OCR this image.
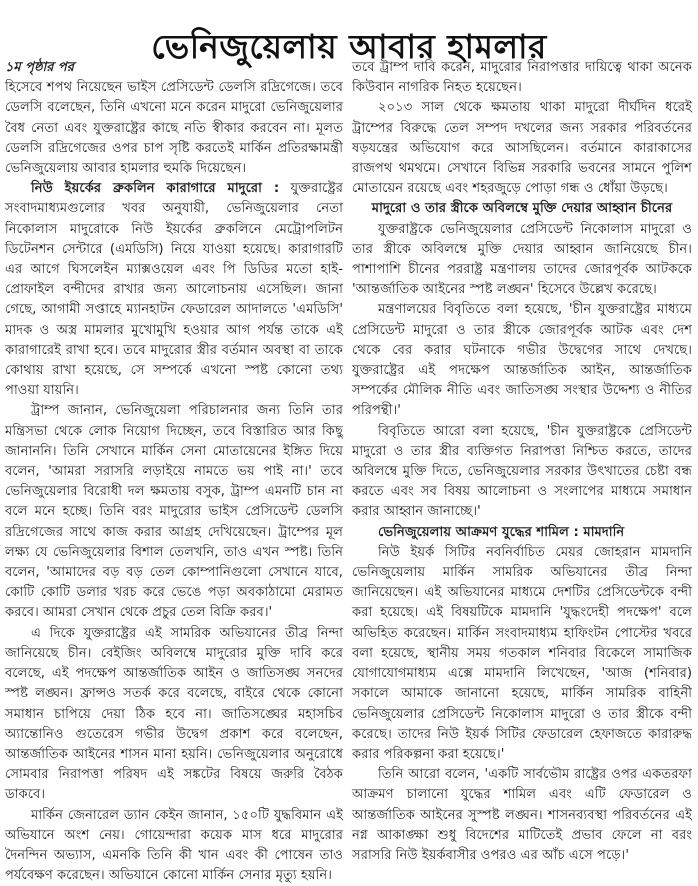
ভেনিজুয়েলায় আবার হামলার
১ম পৃষ্ঠার পর

হিসেবে শপথ নিয়েছেন ভাইস প্রেসিডেন্ট ডেলসি রদ্রিগেজে। তবে ডেলসি বলেছেন, তিনি এখনো মনে করেন মাদুরো ভেনিজুয়েলার বৈধ নেতা এবং যুক্তরাষ্ট্রের কাছে নতি স্বীকার করবেন না। মূলত ডেলসি রদ্রিগেজের ওপর চাপ সৃষ্টি করতেই মার্কিন প্রতিরক্ষামন্ত্রী ভেনিজুয়েলায় আবার হামলার হুমকি দিয়েছেন।

নিউ ইয়র্কের ব্রুকলিন কারাগারে মাদুরো : যুক্তরাষ্ট্রের সংবাদমাধ্যমগুলোর খবর অনুযায়ী, ভেনিজুয়েলার নেতা নিকোলাস মাদুরোকে নিউ ইয়র্কের ব্রুকলিনে মেট্রোপলিটন ডিটেনশন সেন্টারে (এমডিসি) নিয়ে যাওয়া হয়েছে। কারাগারটি এর আগে ঘিসলেইন ম্যাক্সওয়েল এবং পি ডিডির মতো হাই-প্রোফাইল বন্দীদের রাখার জন্য আলোচনায় এসেছিল। জানা গেছে, আগামী সপ্তাহে ম্যানহাটন ফেডারেল আদালতে 'এমডিসি' মাদক ও অস্ত্র মামলার মুখোমুখি হওয়ার আগ পর্যন্ত তাকে এই কারাগারেই রাখা হবে। তবে মাদুরোর স্ত্রীর বর্তমান অবস্থা বা তাকে কোথায় রাখা হয়েছে, সে সম্পর্কে এখনো স্পষ্ট কোনো তথ্য পাওয়া যায়নি।

ট্রাম্প জানান, ভেনিজুয়েলা পরিচালনার জন্য তিনি তার মন্ত্রিসভা থেকে লোক নিয়োগ দিচ্ছেন, তবে বিস্তারিত আর কিছু জানাননি। তিনি সেখানে মার্কিন সেনা মোতায়েনের ইঙ্গিত দিয়ে বলেন, 'আমরা সরাসরি লড়াইয়ে নামতে ভয় পাই না।' তবে ভেনিজুয়েলার বিরোধী দল ক্ষমতায় বসুক, ট্রাম্প এমনটি চান না বলে মনে হচ্ছে। তিনি বরং মাদুরোর ভাইস প্রেসিডেন্ট ডেলসি রদ্রিগেজের সাথে কাজ করার আগ্রহ দেখিয়েছেন। ট্রাম্পের মূল লক্ষ্য যে ভেনিজুয়েলার বিশাল তেলখনি, তাও এখন স্পষ্ট। তিনি বলেন, 'আমাদের বড় বড় তেল কোম্পানিগুলো সেখানে যাবে, কোটি কোটি ডলার খরচ করে ভেঙে পড়া অবকাঠামো মেরামত করবে। আমরা সেখান থেকে প্রচুর তেল বিক্রি করব।'

এ দিকে যুক্তরাষ্ট্রের এই সামরিক অভিযানের তীব্র নিন্দা জানিয়েছে চীন। বেইজিং অবিলম্বে মাদুরোর মুক্তি দাবি করে বলেছে, এই পদক্ষেপ আন্তর্জাতিক আইন ও জাতিসঙ্ঘ সনদের স্পষ্ট লঙ্ঘন। ফ্রান্সও সতর্ক করে বলেছে, বাইরে থেকে কোনো সমাধান চাপিয়ে দেয়া ঠিক হবে না। জাতিসঙ্ঘের মহাসচিব অ্যান্তোনিও গুতেরেস গভীর উদ্বেগ প্রকাশ করে বলেছেন, আন্তর্জাতিক আইনের শাসন মানা হয়নি। ভেনিজুয়েলার অনুরোধে সোমবার নিরাপত্তা পরিষদ এই সঙ্কটের বিষয়ে জরুরি বৈঠক ডাকবে।

মার্কিন জেনারেল ড্যান কেইন জানান, ১৫০টি যুদ্ধবিমান এই অভিযানে অংশ নেয়। গোয়েন্দারা কয়েক মাস ধরে মাদুরোর দৈনন্দিন অভ্যাস, এমনকি তিনি কী খান এবং কী পোষেন তাও পর্যবেক্ষণ করেছেন। অভিযানে কোনো মার্কিন সেনার মৃত্যু হয়নি।

তবে ট্রাম্প দাবি করেন, মাদুরোর নিরাপত্তার দায়িত্বে থাকা অনেক কিউবান নাগরিক নিহত হয়েছেন।

২০১৩ সাল থেকে ক্ষমতায় থাকা মাদুরো দীর্ঘদিন ধরেই ট্রাম্পের বিরুদ্ধে তেল সম্পদ দখলের জন্য সরকার পরিবর্তনের ষড়যন্ত্রের অভিযোগ করে আসছিলেন। বর্তমানে কারাকাসের রাজপথ থমথমে। সেখানে বিভিন্ন সরকারি ভবনের সামনে পুলিশ মোতায়েন রয়েছে এবং শহরজুড়ে পোড়া গন্ধ ও ধোঁয়া উড়ছে।

মাদুরো ও তার স্ত্রীকে অবিলম্বে মুক্তি দেয়ার আহ্বান চীনের

যুক্তরাষ্ট্রকে ভেনিজুয়েলার প্রেসিডেন্ট নিকোলাস মাদুরো ও তার স্ত্রীকে অবিলম্বে মুক্তি দেয়ার আহ্বান জানিয়েছে চীন। পাশাপাশি চীনের পররাষ্ট্র মন্ত্রণালয় তাদের জোরপূর্বক আটককে 'আন্তর্জাতিক আইনের স্পষ্ট লঙ্ঘন' হিসেবে উল্লেখ করেছে।

মন্ত্রণালয়ের বিবৃতিতে বলা হয়েছে, 'চীন যুক্তরাষ্ট্রের মাধ্যমে প্রেসিডেন্ট মাদুরো ও তার স্ত্রীকে জোরপূর্বক আটক এবং দেশ থেকে বের করার ঘটনাকে গভীর উদ্বেগের সাথে দেখছে। যুক্তরাষ্ট্রের এই পদক্ষেপ আন্তর্জাতিক আইন, আন্তর্জাতিক সম্পর্কের মৌলিক নীতি এবং জাতিসঙ্ঘ সংস্থার উদ্দেশ্য ও নীতির পরিপন্থী।'

বিবৃতিতে আরো বলা হয়েছে, 'চীন যুক্তরাষ্ট্রকে প্রেসিডেন্ট মাদুরো ও তার স্ত্রীর ব্যক্তিগত নিরাপত্তা নিশ্চিত করতে, তাদের অবিলম্বে মুক্তি দিতে, ভেনিজুয়েলার সরকার উৎখাতের চেষ্টা বন্ধ করতে এবং সব বিষয় আলোচনা ও সংলাপের মাধ্যমে সমাধান করার আহ্বান জানাচ্ছে।'

ভেনিজুয়েলায় আক্রমণ যুদ্ধের শামিল : মামদানি

নিউ ইয়র্ক সিটির নবনির্বাচিত মেয়র জোহরান মামদানি ভেনিজুয়েলায় মার্কিন সামরিক অভিযানের তীব্র নিন্দা জানিয়েছেন। এই অভিযানের মাধ্যমে দেশটির প্রেসিডেন্টকে বন্দী করা হয়েছে। এই বিষয়টিকে মামদানি 'যুদ্ধংদেহী পদক্ষেপ' বলে অভিহিত করেছেন। মার্কিন সংবাদমাধ্যম হাফিংটন পোস্টের খবরে বলা হয়েছে, স্থানীয় সময় গতকাল শনিবার বিকেলে সামাজিক যোগাযোগমাধ্যম এক্সে মামদানি লিখেছেন, 'আজ (শনিবার) সকালে আমাকে জানানো হয়েছে, মার্কিন সামরিক বাহিনী ভেনিজুয়েলার প্রেসিডেন্ট নিকোলাস মাদুরো ও তার স্ত্রীকে বন্দী করেছে। তাদের নিউ ইয়র্ক সিটির ফেডারেল হেফাজতে কারারুদ্ধ করার পরিকল্পনা করা হয়েছে।'

তিনি আরো বলেন, 'একটি সার্বভৌম রাষ্ট্রের ওপর একতরফা আক্রমণ চালানো যুদ্ধের শামিল এবং এটি ফেডারেল ও আন্তর্জাতিক আইনের সুস্পষ্ট লঙ্ঘন। শাসনব্যবস্থা পরিবর্তনের এই নগ্ন আকাঙ্ক্ষা শুধু বিদেশের মাটিতেই প্রভাব ফেলে না বরং সরাসরি নিউ ইয়র্কবাসীর ওপরও এর আঁচ এসে পড়ে।'
